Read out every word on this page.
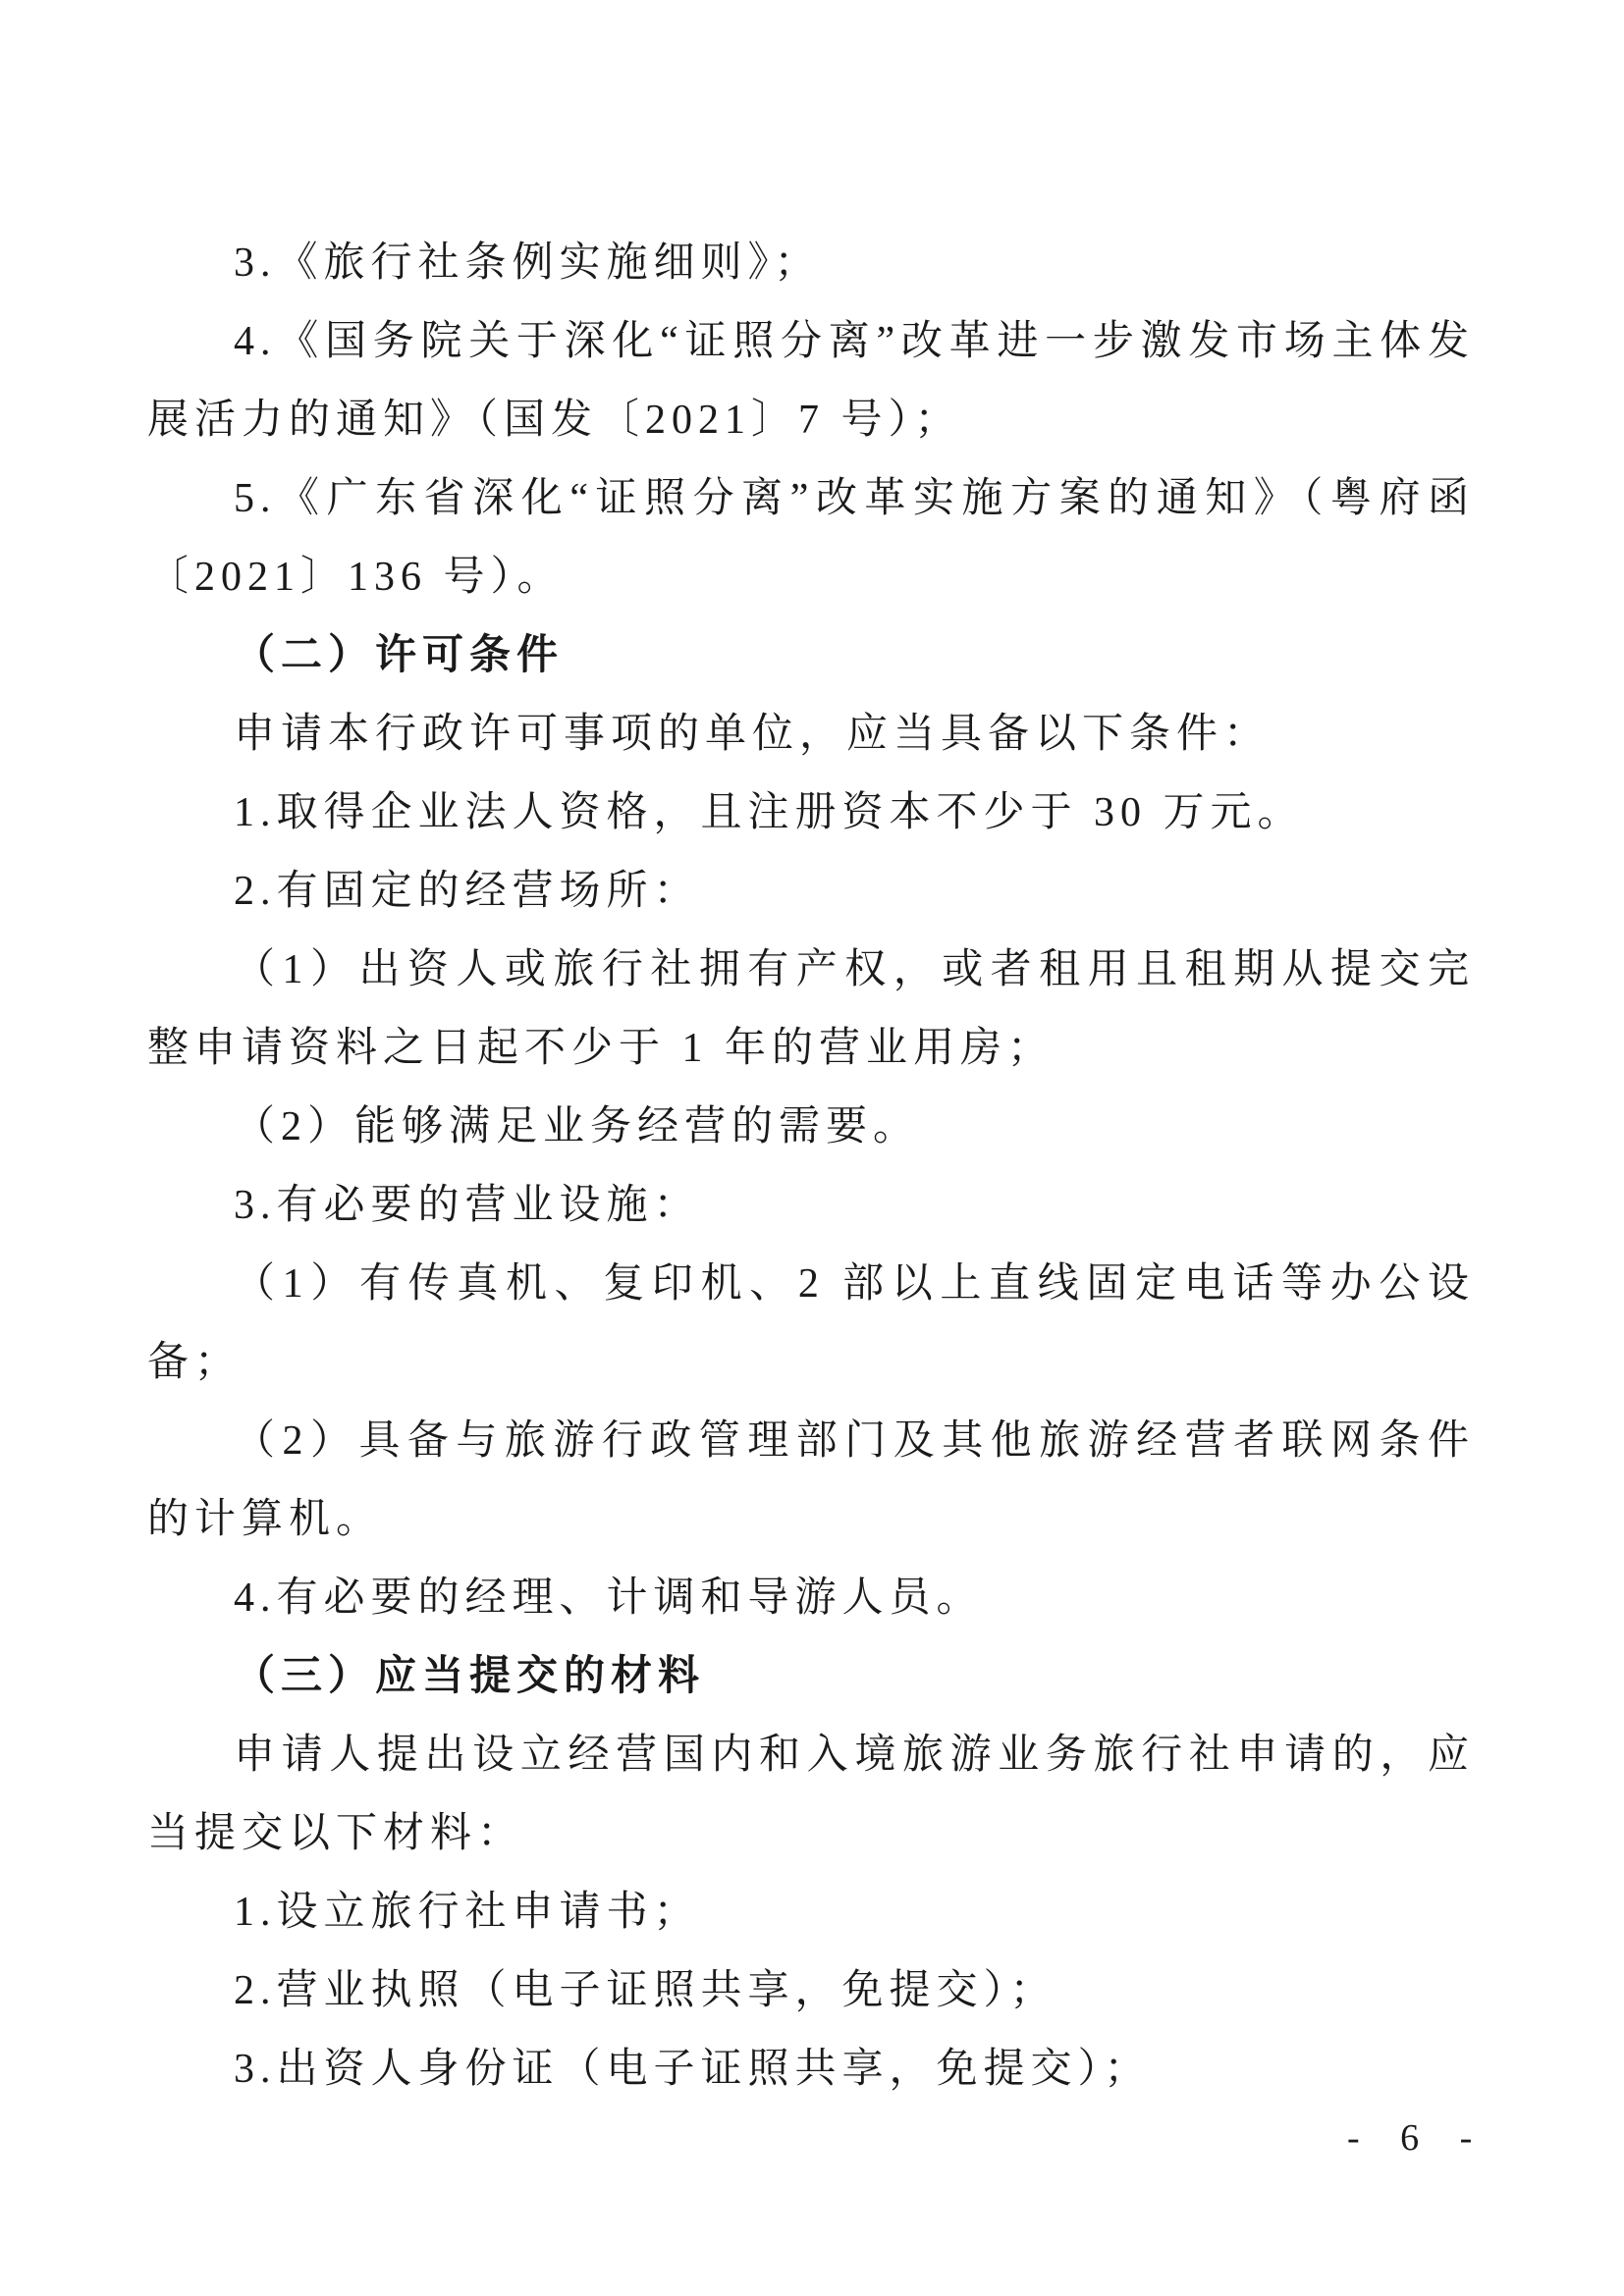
3.《旅行社条例实施细则》；

4.《国务院关于深化“证照分离”改革进一步激发市场主体发展活力的通知》（国发〔2021〕7 号）；

5.《广东省深化“证照分离”改革实施方案的通知》（粤府函〔2021〕136 号）。

（二）许可条件

申请本行政许可事项的单位，应当具备以下条件：

1.取得企业法人资格，且注册资本不少于 30 万元。

2.有固定的经营场所：

（1）出资人或旅行社拥有产权，或者租用且租期从提交完整申请资料之日起不少于 1 年的营业用房；

（2）能够满足业务经营的需要。

3.有必要的营业设施：

（1）有传真机、复印机、2 部以上直线固定电话等办公设备；

（2）具备与旅游行政管理部门及其他旅游经营者联网条件的计算机。

4.有必要的经理、计调和导游人员。

（三）应当提交的材料

申请人提出设立经营国内和入境旅游业务旅行社申请的，应当提交以下材料：

1.设立旅行社申请书；

2.营业执照（电子证照共享，免提交）；

3.出资人身份证（电子证照共享，免提交）；

- 6 -
